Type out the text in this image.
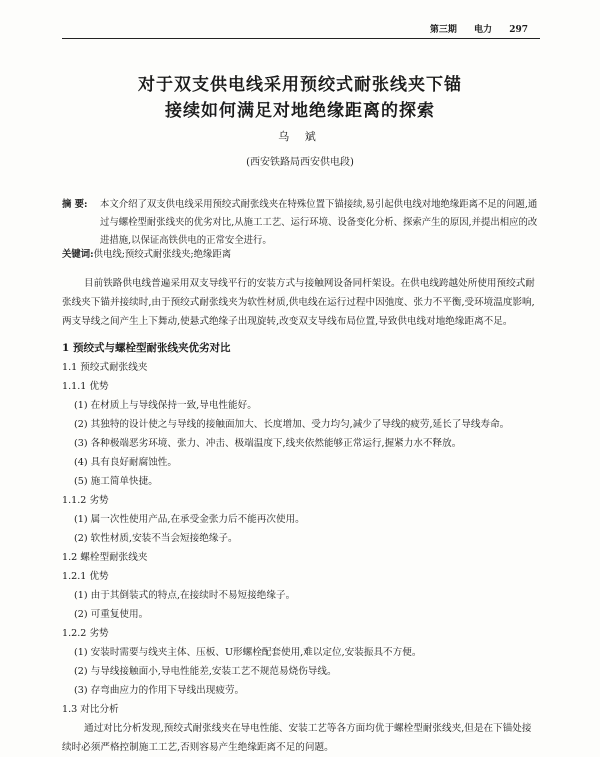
第三期 电力 297
对于双支供电线采用预绞式耐张线夹下锚
接续如何满足对地绝缘距离的探索
乌 斌
(西安铁路局西安供电段)
摘 要: 本文介绍了双支供电线采用预绞式耐张线夹在特殊位置下锚接续,易引起供电线对地绝缘距离不足的问题,通过与螺栓型耐张线夹的优劣对比,从施工工艺、运行环境、设备变化分析、探索产生的原因,并提出相应的改进措施,以保证高铁供电的正常安全进行。
关键词:供电线;预绞式耐张线夹;绝缘距离
目前铁路供电线普遍采用双支导线平行的安装方式与接触网设备同杆架设。在供电线跨越处所使用预绞式耐张线夹下锚并接续时,由于预绞式耐张线夹为软性材质,供电线在运行过程中因弛度、张力不平衡,受环境温度影响,两支导线之间产生上下舞动,使悬式绝缘子出现旋转,改变双支导线布局位置,导致供电线对地绝缘距离不足。
1 预绞式与螺栓型耐张线夹优劣对比
1.1 预绞式耐张线夹
1.1.1 优势
(1) 在材质上与导线保持一致,导电性能好。
(2) 其独特的设计使之与导线的接触面加大、长度增加、受力均匀,减少了导线的疲劳,延长了导线寿命。
(3) 各种极端恶劣环境、张力、冲击、极端温度下,线夹依然能够正常运行,握紧力水不释放。
(4) 具有良好耐腐蚀性。
(5) 施工简单快捷。
1.1.2 劣势
(1) 属一次性使用产品,在承受金张力后不能再次使用。
(2) 软性材质,安装不当会短接绝缘子。
1.2 螺栓型耐张线夹
1.2.1 优势
(1) 由于其倒装式的特点,在接续时不易短接绝缘子。
(2) 可重复使用。
1.2.2 劣势
(1) 安装时需要与线夹主体、压板、U形螺栓配套使用,难以定位,安装振具不方便。
(2) 与导线接触面小,导电性能差,安装工艺不规范易烧伤导线。
(3) 存弯曲应力的作用下导线出现疲劳。
1.3 对比分析
通过对比分析发现,预绞式耐张线夹在导电性能、安装工艺等各方面均优于螺栓型耐张线夹,但是在下锚处接续时必须严格控制施工工艺,否则容易产生绝缘距离不足的问题。
